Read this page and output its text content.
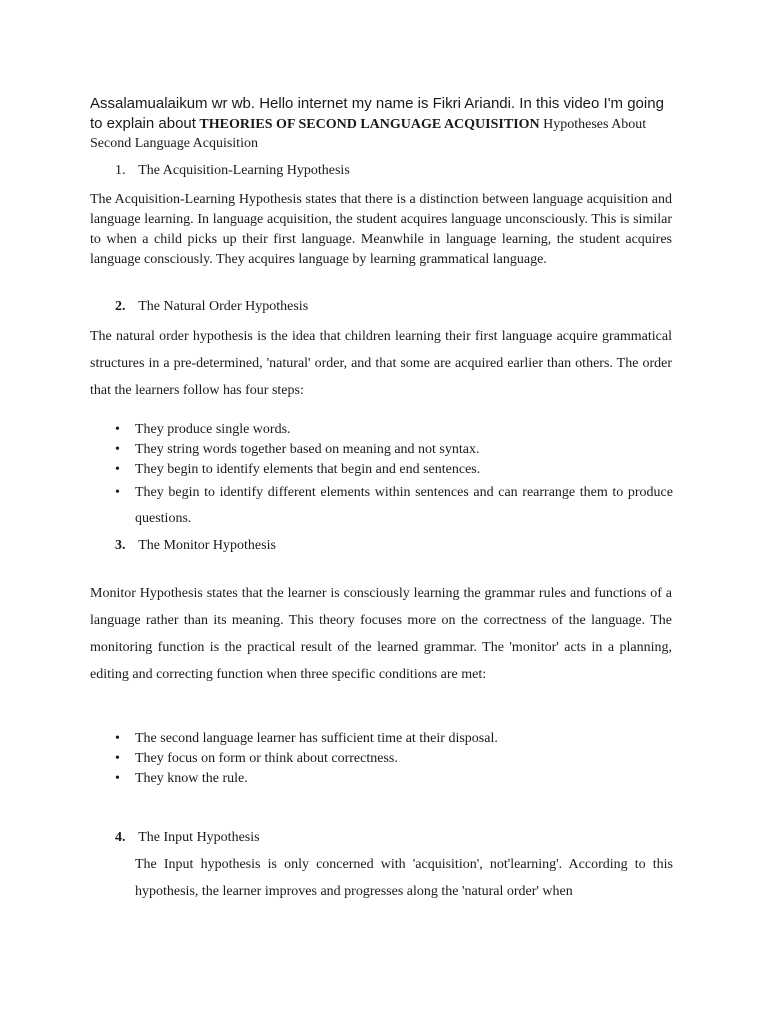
Assalamualaikum wr wb. Hello internet my name is Fikri Ariandi. In this video I'm going to explain about THEORIES OF SECOND LANGUAGE ACQUISITION Hypotheses About Second Language Acquisition
1. The Acquisition-Learning Hypothesis
The Acquisition-Learning Hypothesis states that there is a distinction between language acquisition and language learning. In language acquisition, the student acquires language unconsciously. This is similar to when a child picks up their first language. Meanwhile in language learning, the student acquires language consciously. They acquires language by learning grammatical language.
2. The Natural Order Hypothesis
The natural order hypothesis is the idea that children learning their first language acquire grammatical structures in a pre-determined, 'natural' order, and that some are acquired earlier than others. The order that the learners follow has four steps:
• They produce single words.
• They string words together based on meaning and not syntax.
• They begin to identify elements that begin and end sentences.
• They begin to identify different elements within sentences and can rearrange them to produce questions.
3. The Monitor Hypothesis
Monitor Hypothesis states that the learner is consciously learning the grammar rules and functions of a language rather than its meaning. This theory focuses more on the correctness of the language. The monitoring function is the practical result of the learned grammar. The 'monitor' acts in a planning, editing and correcting function when three specific conditions are met:
• The second language learner has sufficient time at their disposal.
• They focus on form or think about correctness.
• They know the rule.
4. The Input Hypothesis
The Input hypothesis is only concerned with 'acquisition', not'learning'. According to this hypothesis, the learner improves and progresses along the 'natural order' when
